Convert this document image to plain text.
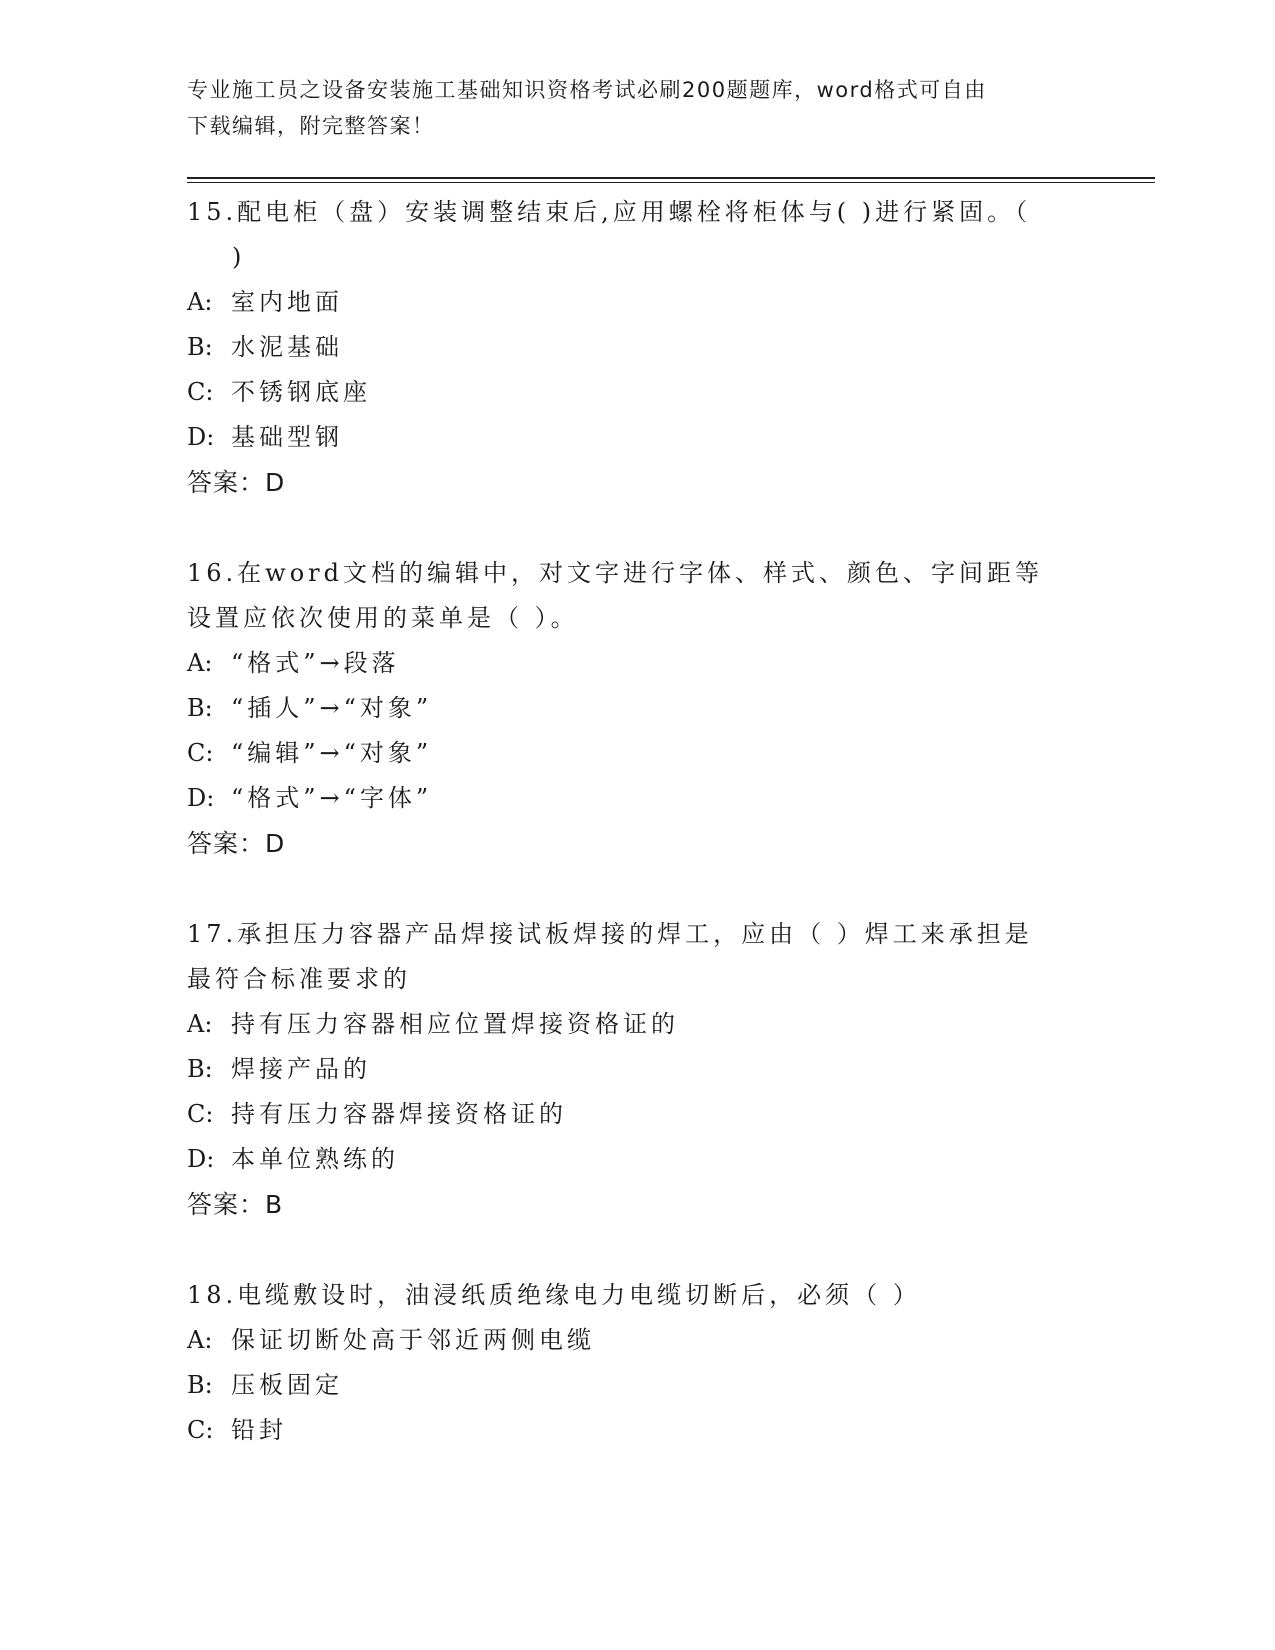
专业施工员之设备安装施工基础知识资格考试必刷200题题库，word格式可自由
下载编辑，附完整答案！

15.配电柜（盘）安装调整结束后,应用螺栓将柜体与( )进行紧固。（
)

A: 室内地面

B: 水泥基础

C: 不锈钢底座

D: 基础型钢

答案：D

16.在word文档的编辑中，对文字进行字体、样式、颜色、字间距等
设置应依次使用的菜单是（ ）。

A: “格式”→段落

B: “插人”→“对象”

C: “编辑”→“对象”

D: “格式”→“字体”

答案：D

17.承担压力容器产品焊接试板焊接的焊工，应由（ ）焊工来承担是
最符合标准要求的

A: 持有压力容器相应位置焊接资格证的

B: 焊接产品的

C: 持有压力容器焊接资格证的

D: 本单位熟练的

答案：B

18.电缆敷设时，油浸纸质绝缘电力电缆切断后，必须（ ）

A: 保证切断处高于邻近两侧电缆

B: 压板固定

C: 铅封
